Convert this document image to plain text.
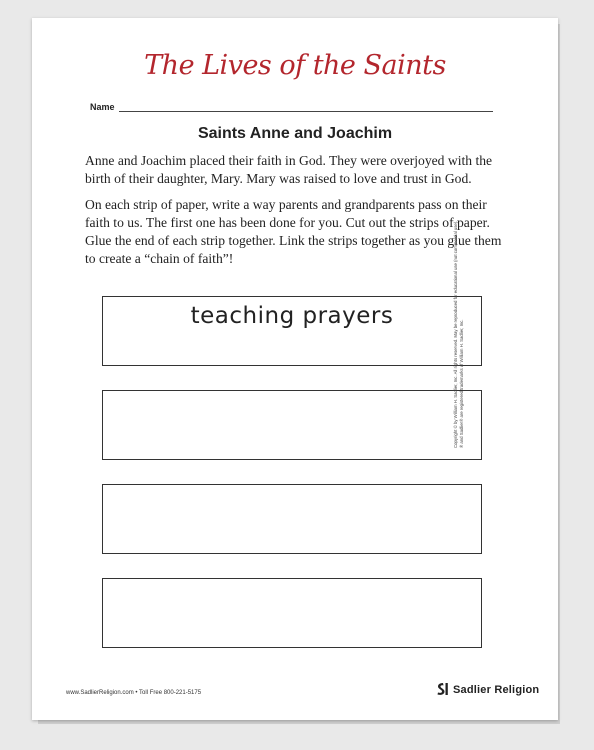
The Lives of the Saints
Name
Saints Anne and Joachim

Anne and Joachim placed their faith in God. They were overjoyed with the birth of their daughter, Mary. Mary was raised to love and trust in God.

On each strip of paper, write a way parents and grandparents pass on their faith to us. The first one has been done for you. Cut out the strips of paper. Glue the end of each strip together. Link the strips together as you glue them to create a “chain of faith”!

teaching prayers	Copyright © by William H. Sadlier, Inc. All rights reserved. May be reproduced for educational use (not commercial use). ® and Sadlier® are registered trademarks of William H. Sadlier, Inc.
www.SadlierReligion.com • Toll Free 800-221-5175	Sadlier Religion
